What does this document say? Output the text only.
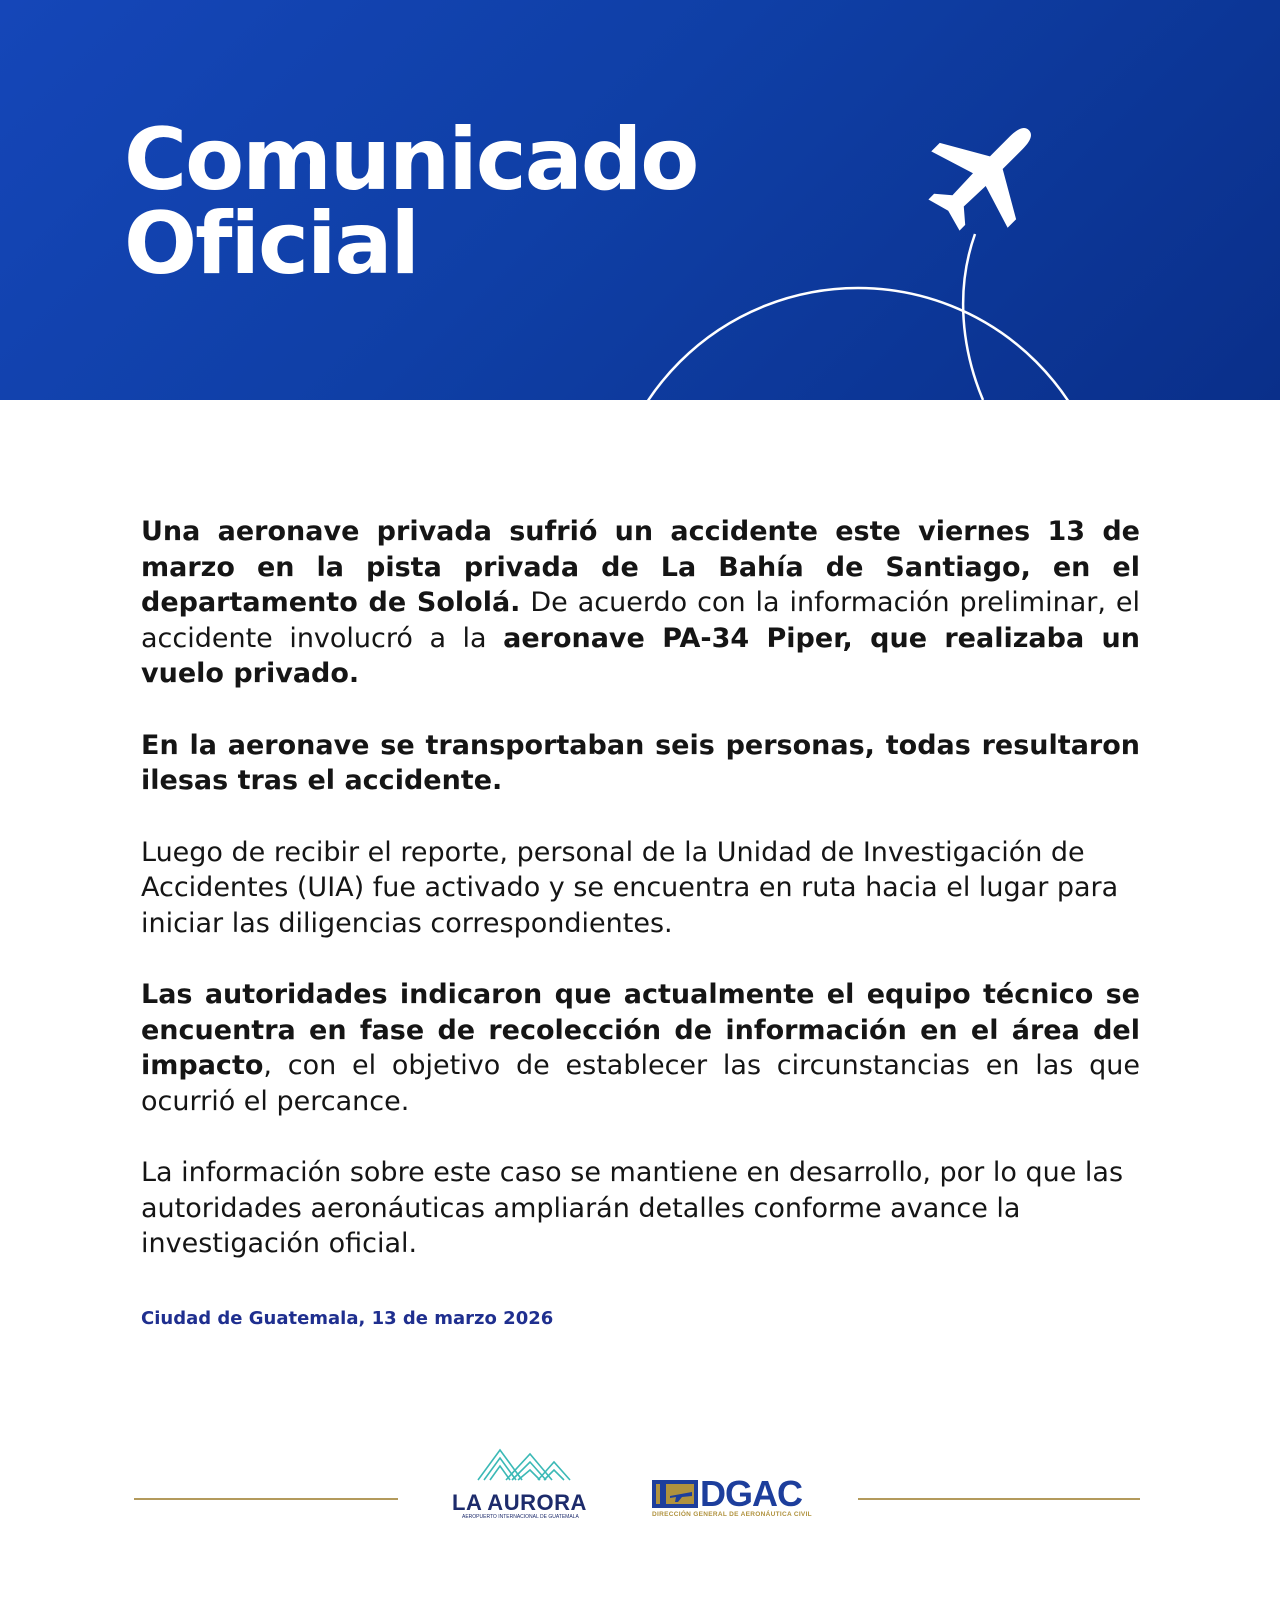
Comunicado
Oficial

Una aeronave privada sufrió un accidente este viernes 13 de marzo en la pista privada de La Bahía de Santiago, en el departamento de Sololá. De acuerdo con la información preliminar, el accidente involucró a la aeronave PA-34 Piper, que realizaba un vuelo privado.

En la aeronave se transportaban seis personas, todas resultaron ilesas tras el accidente.

Luego de recibir el reporte, personal de la Unidad de Investigación de Accidentes (UIA) fue activado y se encuentra en ruta hacia el lugar para iniciar las diligencias correspondientes.

Las autoridades indicaron que actualmente el equipo técnico se encuentra en fase de recolección de información en el área del impacto, con el objetivo de establecer las circunstancias en las que ocurrió el percance.

La información sobre este caso se mantiene en desarrollo, por lo que las autoridades aeronáuticas ampliarán detalles conforme avance la investigación oficial.

Ciudad de Guatemala, 13 de marzo 2026

LA AURORA
AEROPUERTO INTERNACIONAL DE GUATEMALA
DGAC
DIRECCIÓN GENERAL DE AERONÁUTICA CIVIL
